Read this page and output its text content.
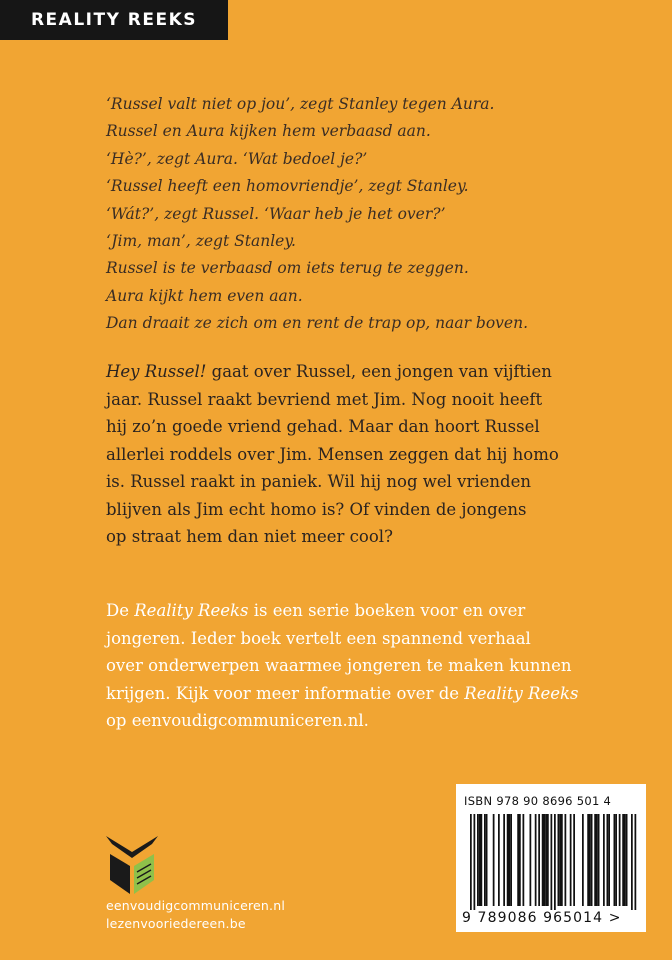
REALITY REEKS
‘Russel valt niet op jou’, zegt Stanley tegen Aura.
Russel en Aura kijken hem verbaasd aan.
‘Hè?’, zegt Aura. ‘Wat bedoel je?’
‘Russel heeft een homovriendje’, zegt Stanley.
‘Wát?’, zegt Russel. ‘Waar heb je het over?’
‘Jim, man’, zegt Stanley.
Russel is te verbaasd om iets terug te zeggen.
Aura kijkt hem even aan.
Dan draait ze zich om en rent de trap op, naar boven.
Hey Russel! gaat over Russel, een jongen van vijftien
jaar. Russel raakt bevriend met Jim. Nog nooit heeft
hij zo’n goede vriend gehad. Maar dan hoort Russel
allerlei roddels over Jim. Mensen zeggen dat hij homo
is. Russel raakt in paniek. Wil hij nog wel vrienden
blijven als Jim echt homo is? Of vinden de jongens
op straat hem dan niet meer cool?
De Reality Reeks is een serie boeken voor en over
jongeren. Ieder boek vertelt een spannend verhaal
over onderwerpen waarmee jongeren te maken kunnen
krijgen. Kijk voor meer informatie over de Reality Reeks
op eenvoudigcommuniceren.nl.
eenvoudigcommuniceren.nl
lezenvooriedereen.be
ISBN 978 90 8696 501 4
9 789086 965014 >
